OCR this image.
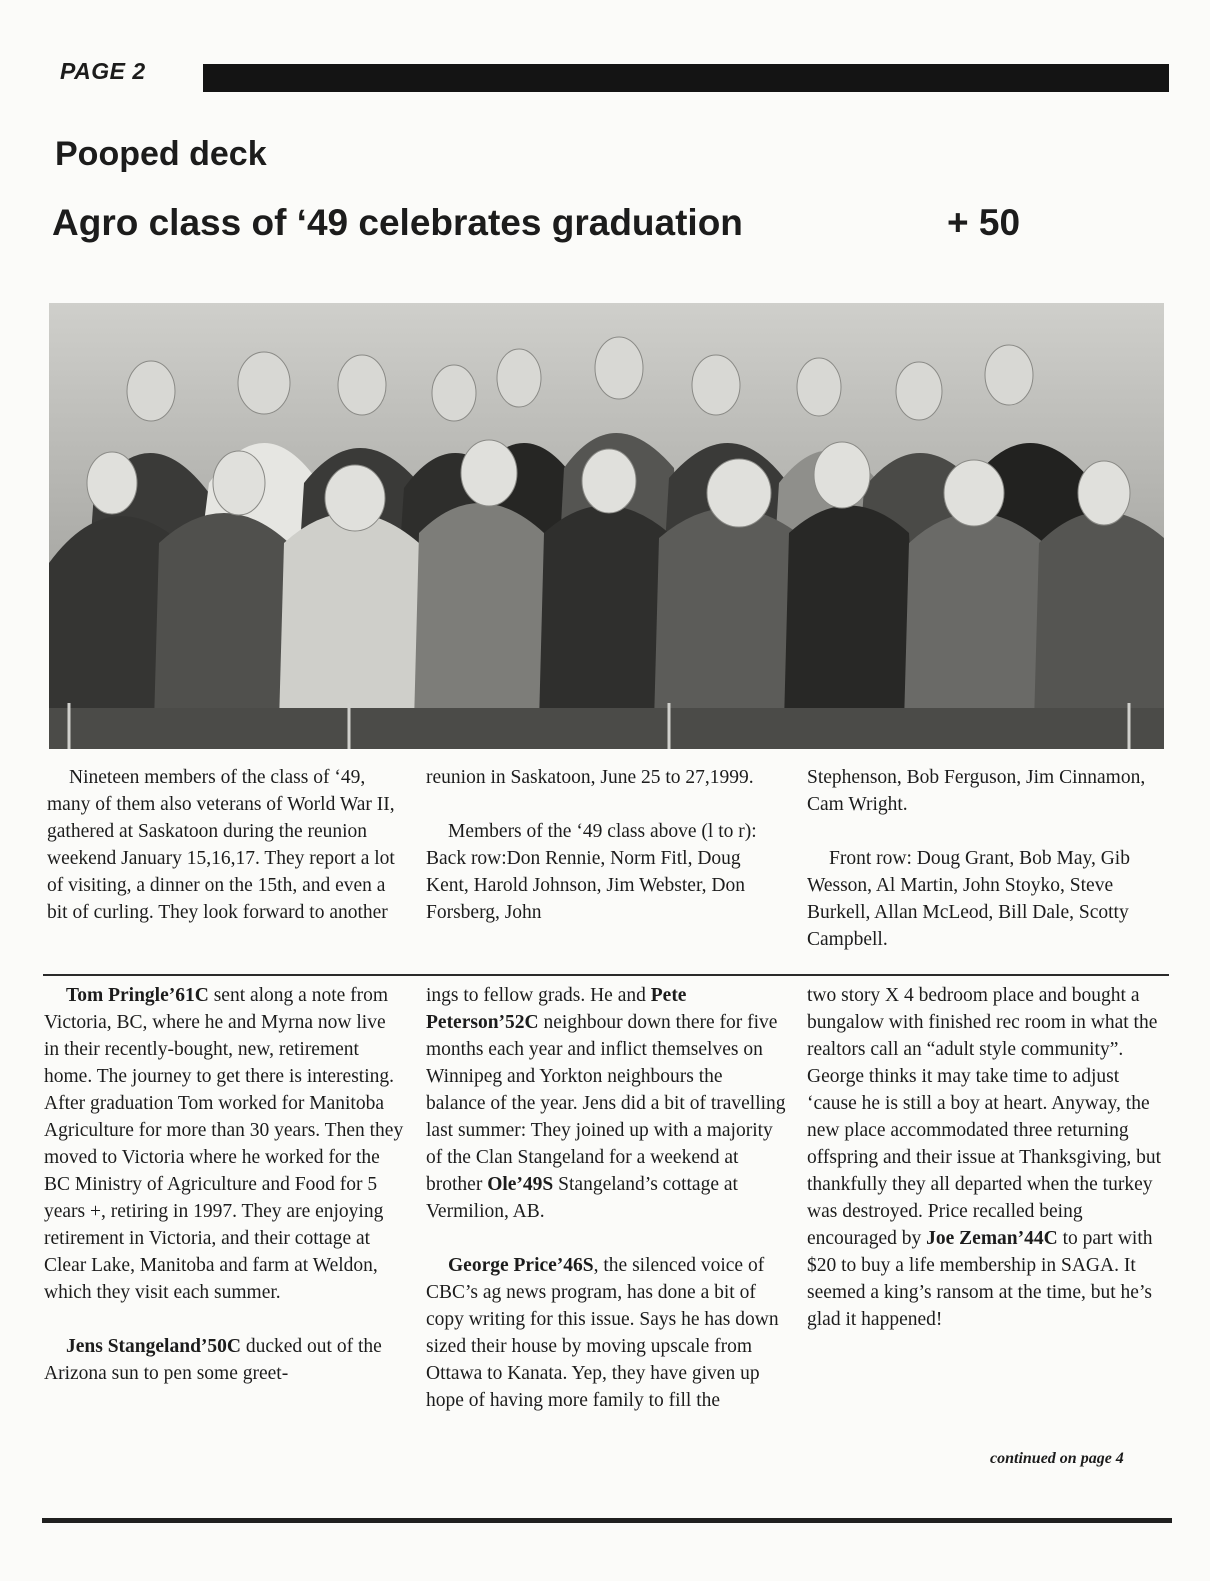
PAGE 2
Pooped deck
Agro class of ‘49 celebrates graduation	+ 50

Nineteen members of the class of ‘49, many of them also veterans of World War II, gathered at Saskatoon during the reunion weekend January 15,16,17. They report a lot of visiting, a dinner on the 15th, and even a bit of curling. They look forward to another

reunion in Saskatoon, June 25 to 27,1999.

Members of the ‘49 class above (l to r): Back row:Don Rennie, Norm Fitl, Doug Kent, Harold Johnson, Jim Webster, Don Forsberg, John

Stephenson, Bob Ferguson, Jim Cinnamon, Cam Wright.

Front row: Doug Grant, Bob May, Gib Wesson, Al Martin, John Stoyko, Steve Burkell, Allan McLeod, Bill Dale, Scotty Campbell.

Tom Pringle’61C sent along a note from Victoria, BC, where he and Myrna now live in their recently-bought, new, retirement home. The journey to get there is interesting. After graduation Tom worked for Manitoba Agriculture for more than 30 years. Then they moved to Victoria where he worked for the BC Ministry of Agriculture and Food for 5 years +, retiring in 1997. They are enjoying retirement in Victoria, and their cottage at Clear Lake, Manitoba and farm at Weldon, which they visit each summer.

Jens Stangeland’50C ducked out of the Arizona sun to pen some greet-

ings to fellow grads. He and Pete Peterson’52C neighbour down there for five months each year and inflict themselves on Winnipeg and Yorkton neighbours the balance of the year. Jens did a bit of travelling last summer: They joined up with a majority of the Clan Stangeland for a weekend at brother Ole’49S Stangeland’s cottage at Vermilion, AB.

George Price’46S, the silenced voice of CBC’s ag news program, has done a bit of copy writing for this issue. Says he has down sized their house by moving upscale from Ottawa to Kanata. Yep, they have given up hope of having more family to fill the

two story X 4 bedroom place and bought a bungalow with finished rec room in what the realtors call an “adult style community”. George thinks it may take time to adjust ‘cause he is still a boy at heart. Anyway, the new place accommodated three returning offspring and their issue at Thanksgiving, but thankfully they all departed when the turkey was destroyed. Price recalled being encouraged by Joe Zeman’44C to part with $20 to buy a life membership in SAGA. It seemed a king’s ransom at the time, but he’s glad it happened!

continued on page 4
